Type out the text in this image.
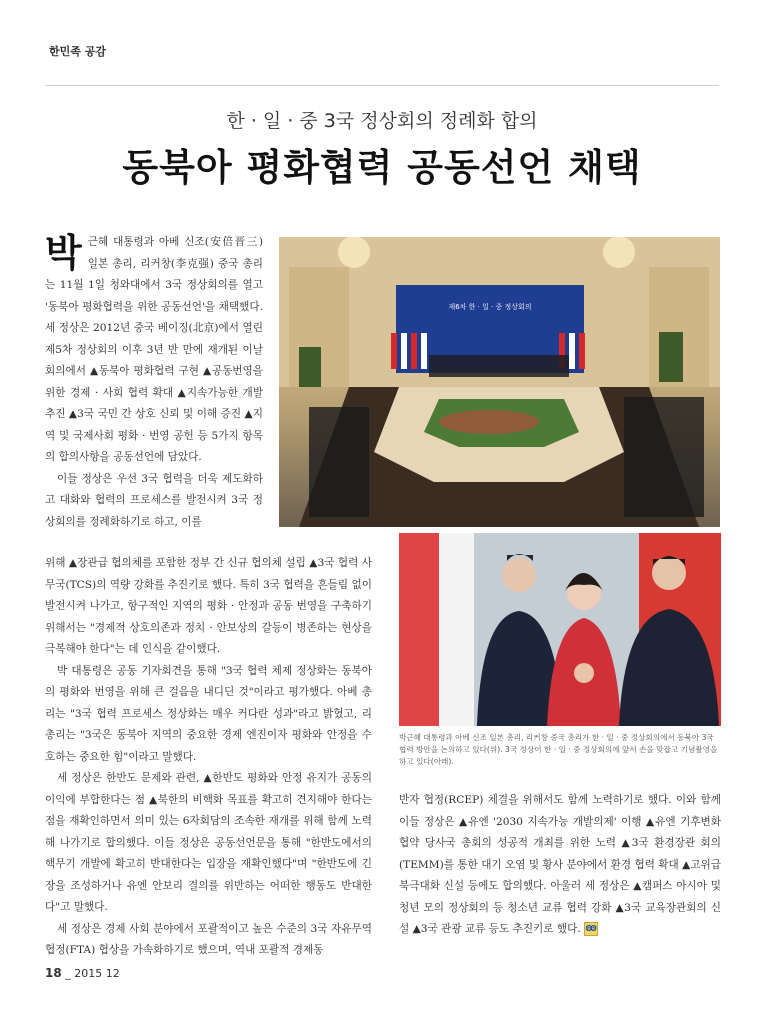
한민족 공감
한 · 일 · 중 3국 정상회의 정례화 합의
동북아 평화협력 공동선언 채택

박근혜 대통령과 아베 신조(安倍晋三) 일본 총리, 리커창(李克强) 중국 총리는 11월 1일 청와대에서 3국 정상회의를 열고 '동북아 평화협력을 위한 공동선언'을 채택했다. 세 정상은 2012년 중국 베이징(北京)에서 열린 제5차 정상회의 이후 3년 반 만에 재개된 이날 회의에서 ▲동북아 평화협력 구현 ▲공동번영을 위한 경제 · 사회 협력 확대 ▲지속가능한 개발 추진 ▲3국 국민 간 상호 신뢰 및 이해 증진 ▲지역 및 국제사회 평화 · 번영 공헌 등 5가지 항목의 합의사항을 공동선언에 담았다.

이들 정상은 우선 3국 협력을 더욱 제도화하고 대화와 협력의 프로세스를 발전시켜 3국 정상회의를 정례화하기로 하고, 이를

위해 ▲장관급 협의체를 포함한 정부 간 신규 협의체 설립 ▲3국 협력 사무국(TCS)의 역량 강화를 추진키로 했다. 특히 3국 협력을 흔들림 없이 발전시켜 나가고, 항구적인 지역의 평화 · 안정과 공동 번영을 구축하기 위해서는 "경제적 상호의존과 정치 · 안보상의 갈등이 병존하는 현상을 극복해야 한다"는 데 인식을 같이했다.

박 대통령은 공동 기자회견을 통해 "3국 협력 체제 정상화는 동북아의 평화와 번영을 위해 큰 걸음을 내디딘 것"이라고 평가했다. 아베 총리는 "3국 협력 프로세스 정상화는 매우 커다란 성과"라고 밝혔고, 리 총리는 "3국은 동북아 지역의 중요한 경제 엔진이자 평화와 안정을 수호하는 중요한 힘"이라고 말했다.

세 정상은 한반도 문제와 관련, ▲한반도 평화와 안정 유지가 공동의 이익에 부합한다는 점 ▲북한의 비핵화 목표를 확고히 견지해야 한다는 점을 재확인하면서 의미 있는 6자회담의 조속한 재개를 위해 함께 노력해 나가기로 합의했다. 이들 정상은 공동선언문을 통해 "한반도에서의 핵무기 개발에 확고히 반대한다는 입장을 재확인했다"며 "한반도에 긴장을 조성하거나 유엔 안보리 결의를 위반하는 어떠한 행동도 반대한다"고 말했다.

세 정상은 경제 사회 분야에서 포괄적이고 높은 수준의 3국 자유무역협정(FTA) 협상을 가속화하기로 했으며, 역내 포괄적 경제동

제6차 한 · 일 · 중 정상회의
박근혜 대통령과 아베 신조 일본 총리, 리커창 중국 총리가 한 · 일 · 중 정상회의에서 동북아 3국 협력 방안을 논의하고 있다(위). 3국 정상이 한 · 일 · 중 정상회의에 앞서 손을 맞잡고 기념촬영을 하고 있다(아래).

반자 협정(RCEP) 체결을 위해서도 함께 노력하기로 했다. 이와 함께 이들 정상은 ▲유엔 '2030 지속가능 개발의제' 이행 ▲유엔 기후변화 협약 당사국 총회의 성공적 개최를 위한 노력 ▲3국 환경장관 회의(TEMM)를 통한 대기 오염 및 황사 분야에서 환경 협력 확대 ▲고위급 북극대화 신설 등에도 합의했다. 아울러 세 정상은 ▲캠퍼스 아시아 및 청년 모의 정상회의 등 청소년 교류 협력 강화 ▲3국 교육장관회의 신설 ▲3국 관광 교류 등도 추진키로 했다. Ꙭ

18 _ 2015 12
